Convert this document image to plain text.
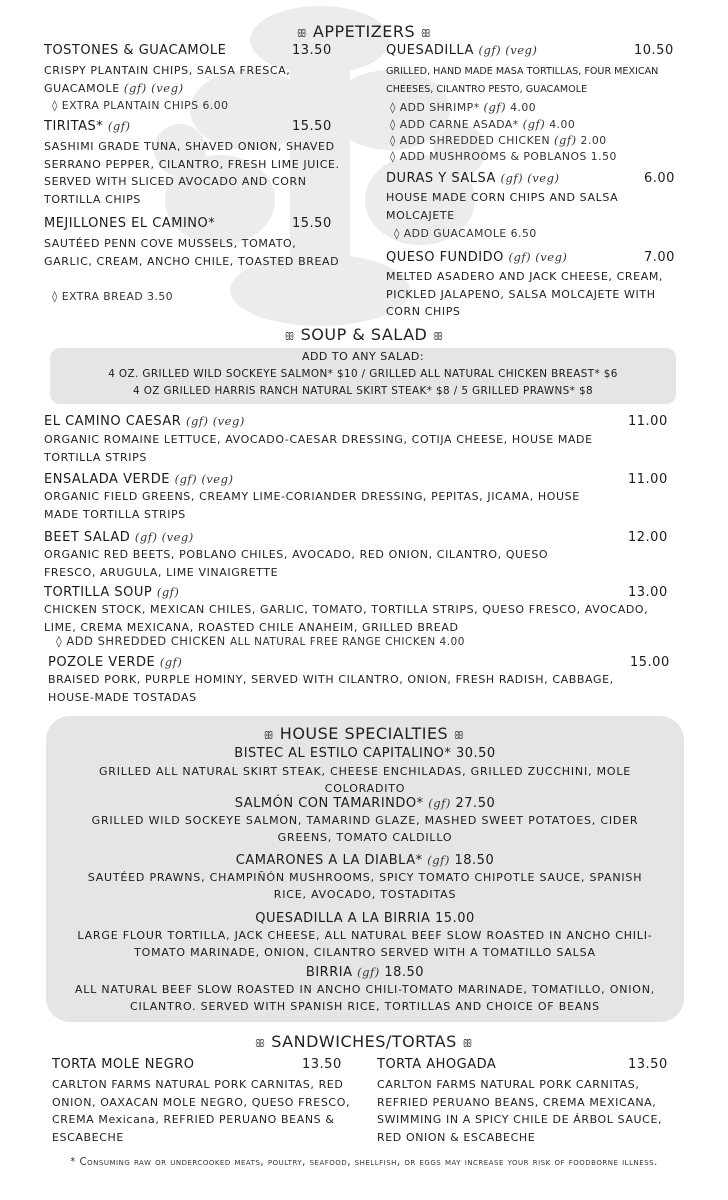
ꕥ APPETIZERS ꕥ
TOSTONES & GUACAMOLE	13.50
CRISPY PLANTAIN CHIPS, SALSA FRESCA, GUACAMOLE (gf) (veg)
◊ EXTRA PLANTAIN CHIPS 6.00
TIRITAS* (gf)	15.50
SASHIMI GRADE TUNA, SHAVED ONION, SHAVED SERRANO PEPPER, CILANTRO, FRESH LIME JUICE. SERVED WITH SLICED AVOCADO AND CORN TORTILLA CHIPS
MEJILLONES EL CAMINO*	15.50
SAUTÉED PENN COVE MUSSELS, TOMATO, GARLIC, CREAM, ANCHO CHILE, TOASTED BREAD
◊ EXTRA BREAD 3.50
QUESADILLA (gf) (veg)	10.50
GRILLED, HAND MADE MASA TORTILLAS, FOUR MEXICAN CHEESES, CILANTRO PESTO, GUACAMOLE
◊ ADD SHRIMP* (gf) 4.00
◊ ADD CARNE ASADA* (gf) 4.00
◊ ADD SHREDDED CHICKEN (gf) 2.00
◊ ADD MUSHROOMS & POBLANOS 1.50
DURAS Y SALSA (gf) (veg)	6.00
HOUSE MADE CORN CHIPS AND SALSA MOLCAJETE
◊ ADD GUACAMOLE 6.50
QUESO FUNDIDO (gf) (veg)	7.00
MELTED ASADERO AND JACK CHEESE, CREAM, PICKLED JALAPENO, SALSA MOLCAJETE WITH CORN CHIPS
ꕥ SOUP & SALAD ꕥ
ADD TO ANY SALAD:
4 OZ. GRILLED WILD SOCKEYE SALMON* $10 / GRILLED ALL NATURAL CHICKEN BREAST* $6
4 OZ GRILLED HARRIS RANCH NATURAL SKIRT STEAK* $8 / 5 GRILLED PRAWNS* $8
EL CAMINO CAESAR (gf) (veg)	11.00
ORGANIC ROMAINE LETTUCE, AVOCADO-CAESAR DRESSING, COTIJA CHEESE, HOUSE MADE TORTILLA STRIPS
ENSALADA VERDE (gf) (veg)	11.00
ORGANIC FIELD GREENS, CREAMY LIME-CORIANDER DRESSING, PEPITAS, JICAMA, HOUSE MADE TORTILLA STRIPS
BEET SALAD (gf) (veg)	12.00
ORGANIC RED BEETS, POBLANO CHILES, AVOCADO, RED ONION, CILANTRO, QUESO FRESCO, ARUGULA, LIME VINAIGRETTE
TORTILLA SOUP (gf)	13.00
CHICKEN STOCK, MEXICAN CHILES, GARLIC, TOMATO, TORTILLA STRIPS, QUESO FRESCO, AVOCADO, LIME, CREMA MEXICANA, ROASTED CHILE ANAHEIM, GRILLED BREAD
◊ ADD SHREDDED CHICKEN ALL NATURAL FREE RANGE CHICKEN 4.00
POZOLE VERDE (gf)	15.00
BRAISED PORK, PURPLE HOMINY, SERVED WITH CILANTRO, ONION, FRESH RADISH, CABBAGE, HOUSE-MADE TOSTADAS
ꕥ HOUSE SPECIALTIES ꕥ
BISTEC AL ESTILO CAPITALINO* 30.50
GRILLED ALL NATURAL SKIRT STEAK, CHEESE ENCHILADAS, GRILLED ZUCCHINI, MOLE COLORADITO
SALMÓN CON TAMARINDO* (gf) 27.50
GRILLED WILD SOCKEYE SALMON, TAMARIND GLAZE, MASHED SWEET POTATOES, CIDER GREENS, TOMATO CALDILLO
CAMARONES A LA DIABLA* (gf) 18.50
SAUTÉED PRAWNS, CHAMPIÑÓN MUSHROOMS, SPICY TOMATO CHIPOTLE SAUCE, SPANISH RICE, AVOCADO, TOSTADITAS
QUESADILLA A LA BIRRIA 15.00
LARGE FLOUR TORTILLA, JACK CHEESE, ALL NATURAL BEEF SLOW ROASTED IN ANCHO CHILI-TOMATO MARINADE, ONION, CILANTRO SERVED WITH A TOMATILLO SALSA
BIRRIA (gf) 18.50
ALL NATURAL BEEF SLOW ROASTED IN ANCHO CHILI-TOMATO MARINADE, TOMATILLO, ONION, CILANTRO. SERVED WITH SPANISH RICE, TORTILLAS AND CHOICE OF BEANS
ꕥ SANDWICHES/TORTAS ꕥ
TORTA MOLE NEGRO	13.50
CARLTON FARMS NATURAL PORK CARNITAS, RED ONION, OAXACAN MOLE NEGRO, QUESO FRESCO, CREMA Mexicana, REFRIED PERUANO BEANS & ESCABECHE
TORTA AHOGADA	13.50
CARLTON FARMS NATURAL PORK CARNITAS, REFRIED PERUANO BEANS, CREMA MEXICANA, SWIMMING IN A SPICY CHILE DE ÁRBOL SAUCE, RED ONION & ESCABECHE
* Consuming raw or undercooked meats, poultry, seafood, shellfish, or eggs may increase your risk of foodborne illness.
